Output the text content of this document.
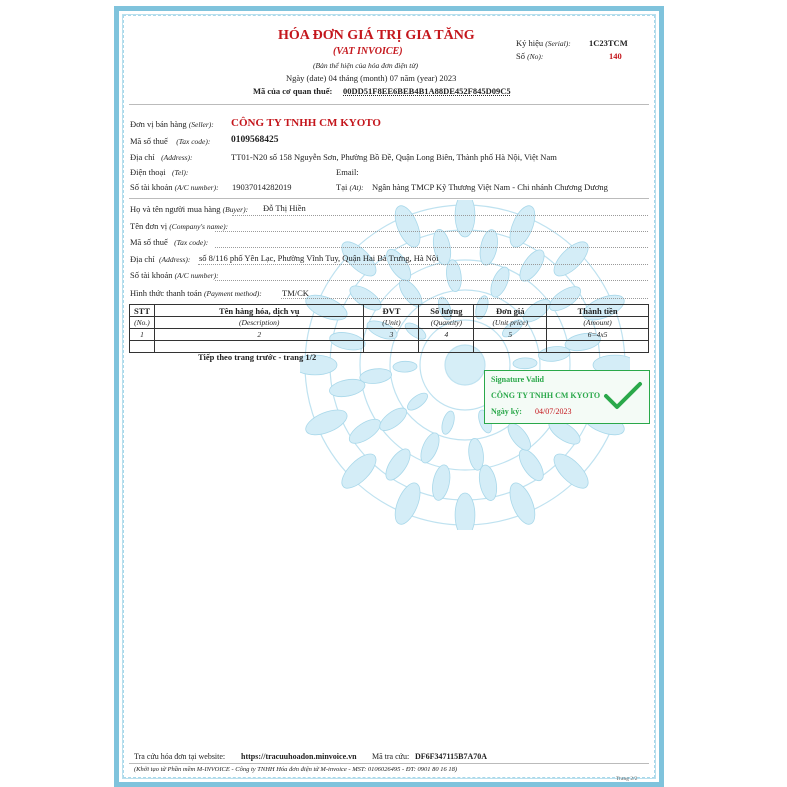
HÓA ĐƠN GIÁ TRỊ GIA TĂNG
(VAT INVOICE)
(Bản thể hiện của hóa đơn điện tử)
Ngày (date) 04 tháng (month) 07 năm (year) 2023
Mã của cơ quan thuế: 00DD51F8EE6BEB4B1A88DE452F845D09C5
Ký hiệu (Serial): 1C23TCM
Số (No):	140
Đơn vị bán hàng (Seller): CÔNG TY TNHH CM KYOTO
Mã số thuế (Tax code): 0109568425
Địa chỉ (Address):	TT01-N20 số 158 Nguyễn Sơn, Phường Bồ Đề, Quận Long Biên, Thành phố Hà Nội, Việt Nam
Điện thoại (Tel):	Email:
Số tài khoản (A/C number): 19037014282019	Tại (At): Ngân hàng TMCP Kỹ Thương Việt Nam - Chi nhánh Chương Dương
Họ và tên người mua hàng (Buyer): Đỗ Thị Hiền
Tên đơn vị (Company's name):
Mã số thuế (Tax code):
Địa chỉ (Address): số 8/116 phố Yên Lạc, Phường Vĩnh Tuy, Quận Hai Bà Trưng, Hà Nội
Số tài khoản (A/C number):
Hình thức thanh toán (Payment method): TM/CK
STT	Tên hàng hóa, dịch vụ	ĐVT	Số lượng	Đơn giá	Thành tiền
(No.)	(Description)	(Unit)	(Quantity)	(Unit price)	(Amount)
1	2	3	4	5	6=4x5

Tiếp theo trang trước - trang 1/2
Signature Valid
CÔNG TY TNHH CM KYOTO
Ngày ký: 04/07/2023
Tra cứu hóa đơn tại website: https://tracuuhoadon.minvoice.vn Mã tra cứu: DF6F347115B7A70A
(Khởi tạo từ Phần mềm M-INVOICE - Công ty TNHH Hóa đơn điện tử M-invoice - MST: 0106026495 - ĐT: 0901 80 16 18)
Trang 2/2
